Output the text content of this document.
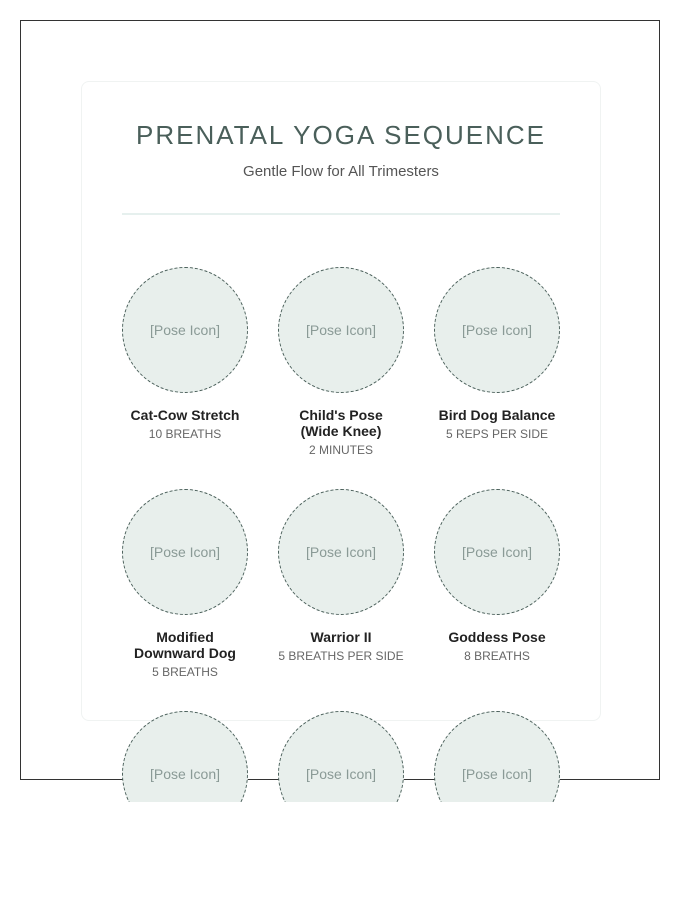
PRENATAL YOGA SEQUENCE
Gentle Flow for All Trimesters
[Pose Icon]
Cat-Cow Stretch
10 BREATHS
[Pose Icon]
Child's Pose (Wide Knee)
2 MINUTES
[Pose Icon]
Bird Dog Balance
5 REPS PER SIDE
[Pose Icon]
Modified Downward Dog
5 BREATHS
[Pose Icon]
Warrior II
5 BREATHS PER SIDE
[Pose Icon]
Goddess Pose
8 BREATHS
[Pose Icon]	[Pose Icon]	[Pose Icon]
